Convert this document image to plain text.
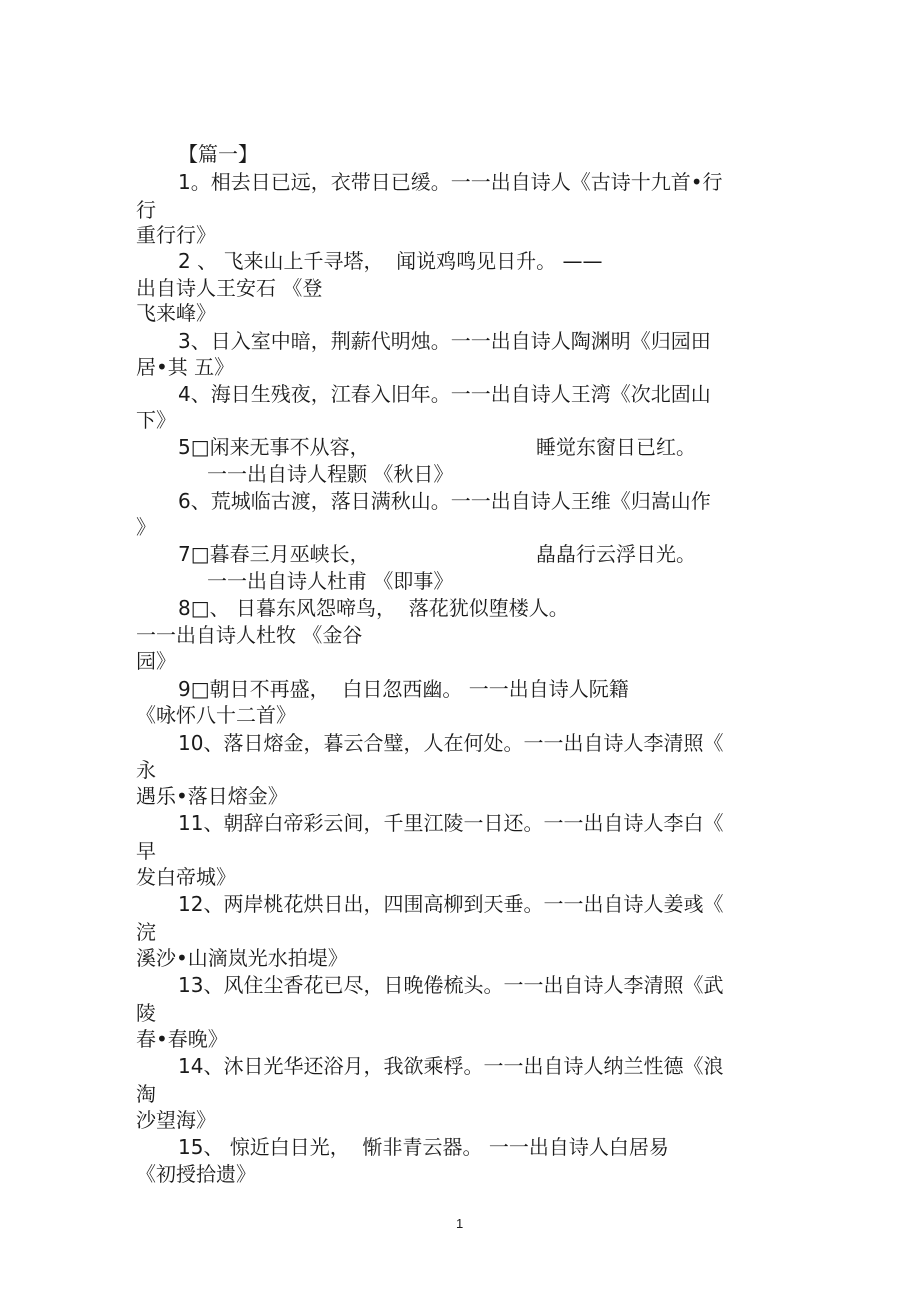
【篇一】
1。相去日已远，衣带日已缓。一一出自诗人《古诗十九首•行
行
重行行》
2 、 飞来山上千寻塔，  闻说鸡鸣见日升。 ——
出自诗人王安石 《登
飞来峰》
3、日入室中暗，荆薪代明烛。一一出自诗人陶渊明《归园田
居•其 五》
4、海日生残夜，江春入旧年。一一出自诗人王湾《次北固山
下》
5□闲来无事不从容，	睡觉东窗日已红。
一一出自诗人程颢 《秋日》
6、荒城临古渡，落日满秋山。一一出自诗人王维《归嵩山作
》
7□暮春三月巫峡长，	皛皛行云浮日光。
一一出自诗人杜甫 《即事》
8□、 日暮东风怨啼鸟，  落花犹似堕楼人。
一一出自诗人杜牧 《金谷
园》
9□朝日不再盛，  白日忽西幽。 一一出自诗人阮籍
《咏怀八十二首》
10、落日熔金，暮云合璧，人在何处。一一出自诗人李清照《
永
遇乐•落日熔金》
11、朝辞白帝彩云间，千里江陵一日还。一一出自诗人李白《
早
发白帝城》
12、两岸桃花烘日出，四围高柳到天垂。一一出自诗人姜彧《
浣
溪沙•山滴岚光水拍堤》
13、风住尘香花已尽，日晚倦梳头。一一出自诗人李清照《武
陵
春•春晚》
14、沐日光华还浴月，我欲乘桴。一一出自诗人纳兰性德《浪
淘
沙望海》
15、 惊近白日光，  惭非青云器。 一一出自诗人白居易
《初授拾遗》
1
